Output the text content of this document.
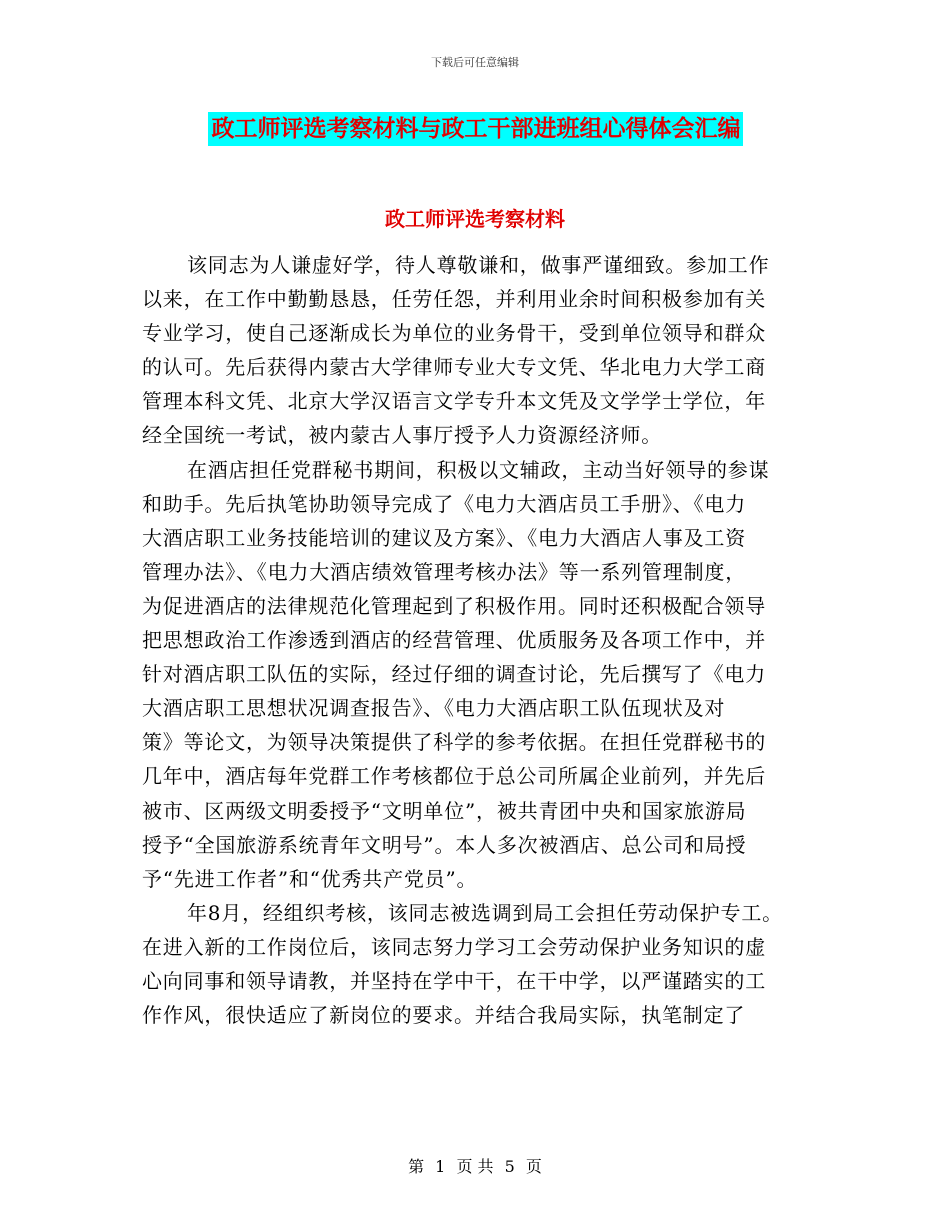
下载后可任意编辑
政工师评选考察材料与政工干部进班组心得体会汇编
政工师评选考察材料
该同志为人谦虚好学，待人尊敬谦和，做事严谨细致。参加工作
以来，在工作中勤勤恳恳，任劳任怨，并利用业余时间积极参加有关
专业学习，使自己逐渐成长为单位的业务骨干，受到单位领导和群众
的认可。先后获得内蒙古大学律师专业大专文凭、华北电力大学工商
管理本科文凭、北京大学汉语言文学专升本文凭及文学学士学位，年
经全国统一考试，被内蒙古人事厅授予人力资源经济师。
在酒店担任党群秘书期间，积极以文辅政，主动当好领导的参谋
和助手。先后执笔协助领导完成了《电力大酒店员工手册》、《电力
大酒店职工业务技能培训的建议及方案》、《电力大酒店人事及工资
管理办法》、《电力大酒店绩效管理考核办法》等一系列管理制度，
为促进酒店的法律规范化管理起到了积极作用。同时还积极配合领导
把思想政治工作渗透到酒店的经营管理、优质服务及各项工作中，并
针对酒店职工队伍的实际，经过仔细的调查讨论，先后撰写了《电力
大酒店职工思想状况调查报告》、《电力大酒店职工队伍现状及对
策》等论文，为领导决策提供了科学的参考依据。在担任党群秘书的
几年中，酒店每年党群工作考核都位于总公司所属企业前列，并先后
被市、区两级文明委授予“文明单位”，被共青团中央和国家旅游局
授予“全国旅游系统青年文明号”。本人多次被酒店、总公司和局授
予“先进工作者”和“优秀共产党员”。
年8月，经组织考核，该同志被选调到局工会担任劳动保护专工。
在进入新的工作岗位后，该同志努力学习工会劳动保护业务知识的虚
心向同事和领导请教，并坚持在学中干，在干中学，以严谨踏实的工
作作风，很快适应了新岗位的要求。并结合我局实际，执笔制定了
第 1 页 共 5 页
